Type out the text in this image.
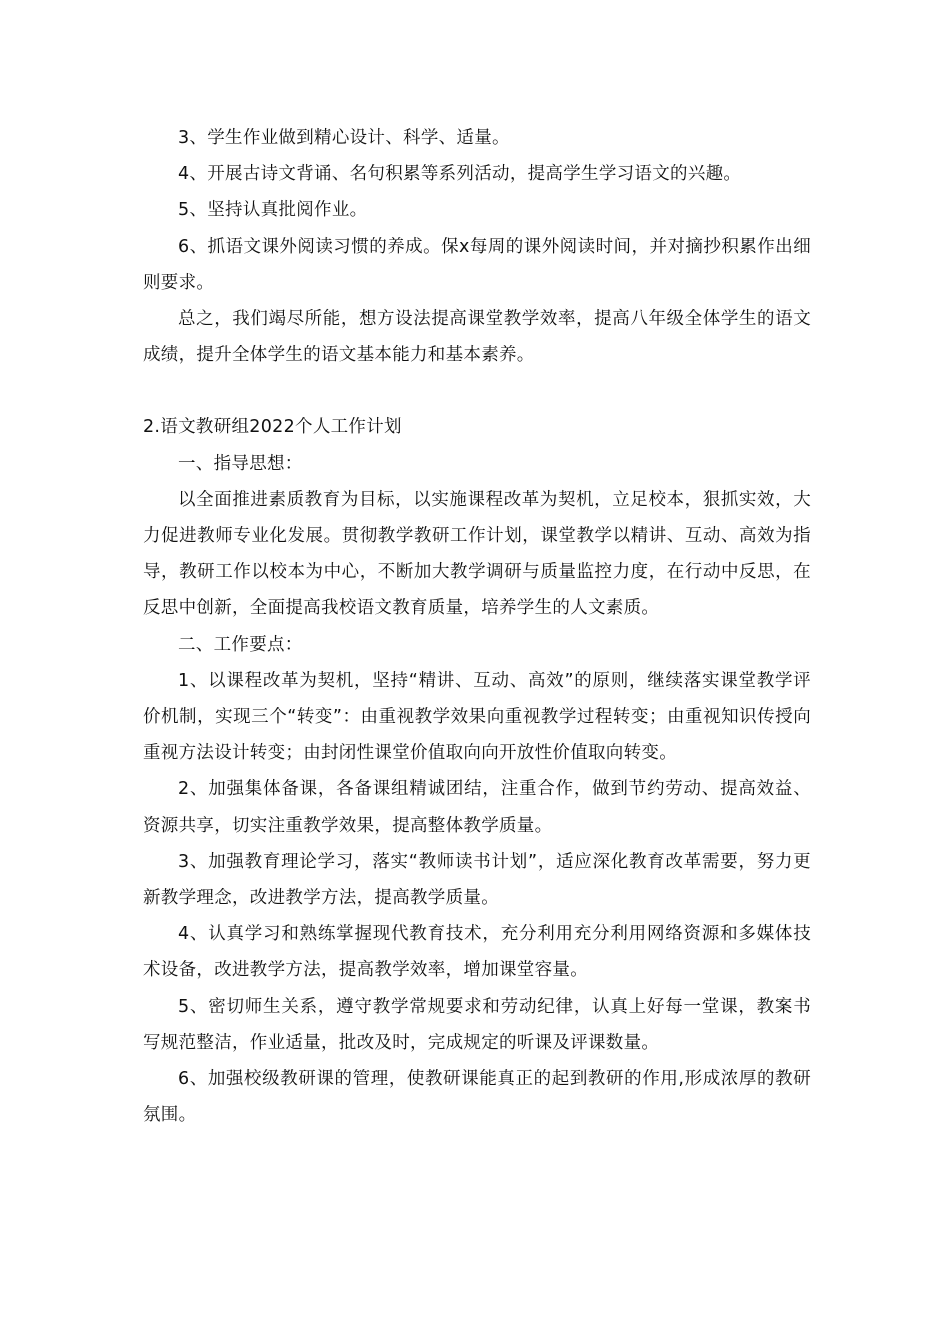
3、学生作业做到精心设计、科学、适量。

4、开展古诗文背诵、名句积累等系列活动，提高学生学习语文的兴趣。

5、坚持认真批阅作业。

6、抓语文课外阅读习惯的养成。保x每周的课外阅读时间，并对摘抄积累作出细则要求。

总之，我们竭尽所能，想方设法提高课堂教学效率，提高八年级全体学生的语文成绩，提升全体学生的语文基本能力和基本素养。

2.语文教研组2022个人工作计划

一、指导思想：

以全面推进素质教育为目标，以实施课程改革为契机，立足校本，狠抓实效，大力促进教师专业化发展。贯彻教学教研工作计划，课堂教学以精讲、互动、高效为指导，教研工作以校本为中心，不断加大教学调研与质量监控力度，在行动中反思，在反思中创新，全面提高我校语文教育质量，培养学生的人文素质。

二、工作要点：

1、以课程改革为契机，坚持“精讲、互动、高效”的原则，继续落实课堂教学评价机制，实现三个“转变”：由重视教学效果向重视教学过程转变；由重视知识传授向重视方法设计转变；由封闭性课堂价值取向向开放性价值取向转变。

2、加强集体备课，各备课组精诚团结，注重合作，做到节约劳动、提高效益、资源共享，切实注重教学效果，提高整体教学质量。

3、加强教育理论学习，落实“教师读书计划”，适应深化教育改革需要，努力更新教学理念，改进教学方法，提高教学质量。

4、认真学习和熟练掌握现代教育技术，充分利用充分利用网络资源和多媒体技术设备，改进教学方法，提高教学效率，增加课堂容量。

5、密切师生关系，遵守教学常规要求和劳动纪律，认真上好每一堂课，教案书写规范整洁，作业适量，批改及时，完成规定的听课及评课数量。

6、加强校级教研课的管理，使教研课能真正的起到教研的作用,形成浓厚的教研氛围。
